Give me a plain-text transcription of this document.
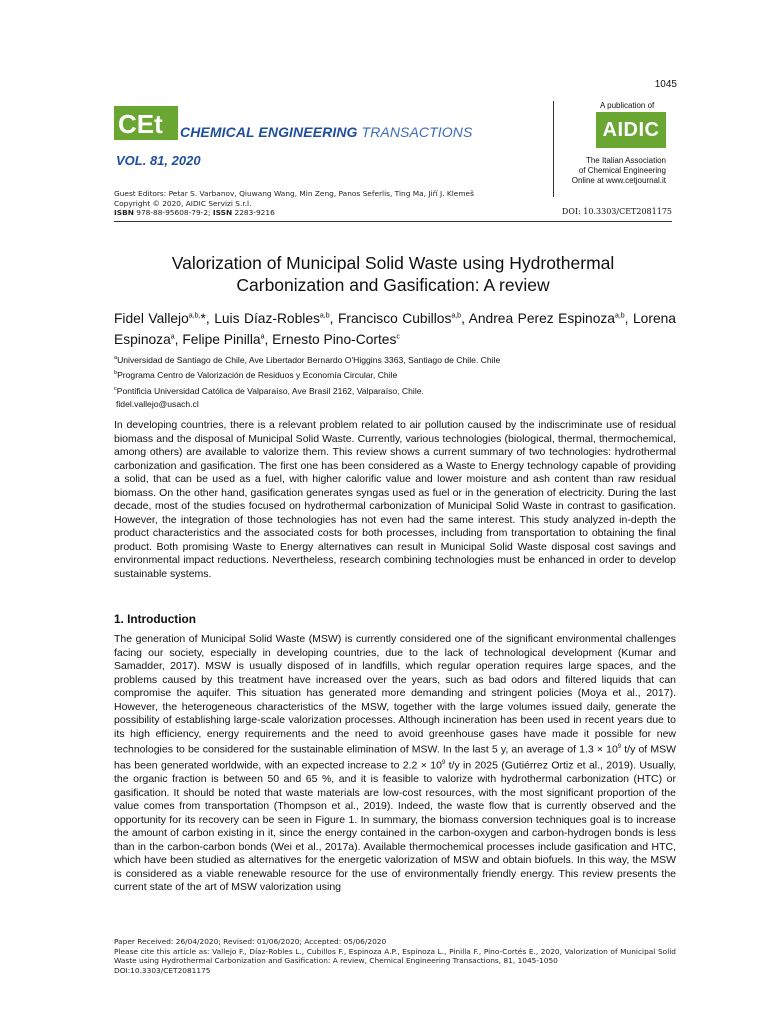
1045
CEt CHEMICAL ENGINEERING TRANSACTIONS
VOL. 81, 2020
A publication of
AIDIC
The Italian Association
of Chemical Engineering
Online at www.cetjournal.it
Guest Editors: Petar S. Varbanov, Qiuwang Wang, Min Zeng, Panos Seferlis, Ting Ma, Jiří J. Klemeš
Copyright © 2020, AIDIC Servizi S.r.l.
ISBN 978-88-95608-79-2; ISSN 2283-9216	DOI: 10.3303/CET2081175
Valorization of Municipal Solid Waste using Hydrothermal
Carbonization and Gasification: A review
Fidel Vallejo$^{a,b,}$*, Luis Díaz-Robles$^{a,b}$, Francisco Cubillos$^{a,b}$, Andrea Perez Espinoza$^{a,b}$, Lorena Espinoza$^a$, Felipe Pinilla$^a$, Ernesto Pino-Cortes$^c$
$^a$Universidad de Santiago de Chile, Ave Libertador Bernardo O'Higgins 3363, Santiago de Chile. Chile
$^b$Programa Centro de Valorización de Residuos y Economía Circular, Chile
$^c$Pontificia Universidad Católica de Valparaíso, Ave Brasil 2162, Valparaíso, Chile.
fidel.vallejo@usach.cl

In developing countries, there is a relevant problem related to air pollution caused by the indiscriminate use of residual biomass and the disposal of Municipal Solid Waste. Currently, various technologies (biological, thermal, thermochemical, among others) are available to valorize them. This review shows a current summary of two technologies: hydrothermal carbonization and gasification. The first one has been considered as a Waste to Energy technology capable of providing a solid, that can be used as a fuel, with higher calorific value and lower moisture and ash content than raw residual biomass. On the other hand, gasification generates syngas used as fuel or in the generation of electricity. During the last decade, most of the studies focused on hydrothermal carbonization of Municipal Solid Waste in contrast to gasification. However, the integration of those technologies has not even had the same interest. This study analyzed in-depth the product characteristics and the associated costs for both processes, including from transportation to obtaining the final product. Both promising Waste to Energy alternatives can result in Municipal Solid Waste disposal cost savings and environmental impact reductions. Nevertheless, research combining technologies must be enhanced in order to develop sustainable systems.

1. Introduction

The generation of Municipal Solid Waste (MSW) is currently considered one of the significant environmental challenges facing our society, especially in developing countries, due to the lack of technological development (Kumar and Samadder, 2017). MSW is usually disposed of in landfills, which regular operation requires large spaces, and the problems caused by this treatment have increased over the years, such as bad odors and filtered liquids that can compromise the aquifer. This situation has generated more demanding and stringent policies (Moya et al., 2017). However, the heterogeneous characteristics of the MSW, together with the large volumes issued daily, generate the possibility of establishing large-scale valorization processes. Although incineration has been used in recent years due to its high efficiency, energy requirements and the need to avoid greenhouse gases have made it possible for new technologies to be considered for the sustainable elimination of MSW. In the last 5 y, an average of $1.3 \times 10^9$ t/y of MSW has been generated worldwide, with an expected increase to $2.2 \times 10^9$ t/y in 2025 (Gutiérrez Ortiz et al., 2019). Usually, the organic fraction is between 50 and 65 %, and it is feasible to valorize with hydrothermal carbonization (HTC) or gasification. It should be noted that waste materials are low-cost resources, with the most significant proportion of the value comes from transportation (Thompson et al., 2019). Indeed, the waste flow that is currently observed and the opportunity for its recovery can be seen in Figure 1. In summary, the biomass conversion techniques goal is to increase the amount of carbon existing in it, since the energy contained in the carbon-oxygen and carbon-hydrogen bonds is less than in the carbon-carbon bonds (Wei et al., 2017a). Available thermochemical processes include gasification and HTC, which have been studied as alternatives for the energetic valorization of MSW and obtain biofuels. In this way, the MSW is considered as a viable renewable resource for the use of environmentally friendly energy. This review presents the current state of the art of MSW valorization using

Paper Received: 26/04/2020; Revised: 01/06/2020; Accepted: 05/06/2020
Please cite this article as: Vallejo F., Díaz-Robles L., Cubillos F., Espinoza A.P., Espinoza L., Pinilla F., Pino-Cortés E., 2020, Valorization of Municipal Solid Waste using Hydrothermal Carbonization and Gasification: A review, Chemical Engineering Transactions, 81, 1045-1050
DOI:10.3303/CET2081175
